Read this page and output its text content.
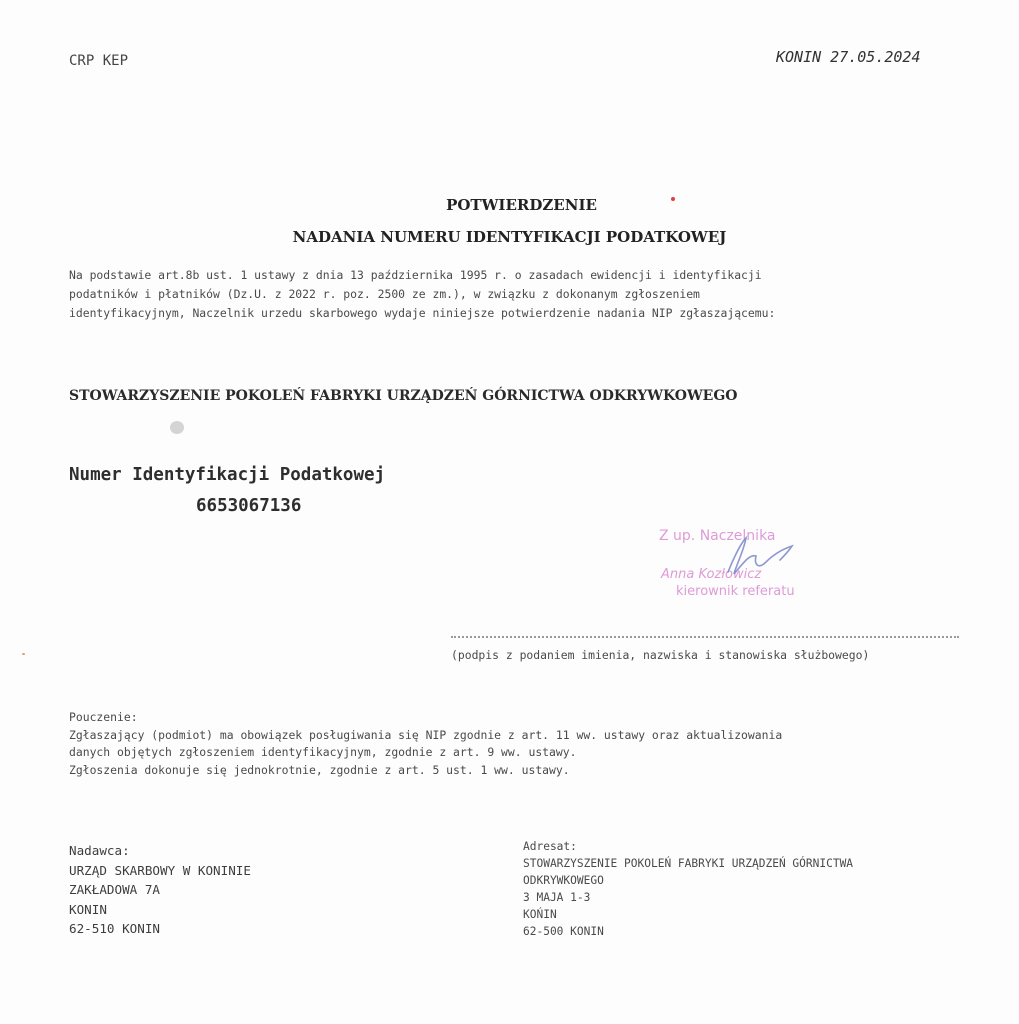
CRP KEP	KONIN 27.05.2024
POTWIERDZENIE
NADANIA NUMERU IDENTYFIKACJI PODATKOWEJ
Na podstawie art.8b ust. 1 ustawy z dnia 13 października 1995 r. o zasadach ewidencji i identyfikacji
podatników i płatników (Dz.U. z 2022 r. poz. 2500 ze zm.), w związku z dokonanym zgłoszeniem
identyfikacyjnym, Naczelnik urzedu skarbowego wydaje niniejsze potwierdzenie nadania NIP zgłaszającemu:
STOWARZYSZENIE POKOLEŃ FABRYKI URZĄDZEŃ GÓRNICTWA ODKRYWKOWEGO
Numer Identyfikacji Podatkowej
6653067136
Z up. Naczelnika
Anna Kozłowicz
kierownik referatu
(podpis z podaniem imienia, nazwiska i stanowiska służbowego)
Pouczenie:
Zgłaszający (podmiot) ma obowiązek posługiwania się NIP zgodnie z art. 11 ww. ustawy oraz aktualizowania
danych objętych zgłoszeniem identyfikacyjnym, zgodnie z art. 9 ww. ustawy.
Zgłoszenia dokonuje się jednokrotnie, zgodnie z art. 5 ust. 1 ww. ustawy.
Nadawca:
URZĄD SKARBOWY W KONINIE
ZAKŁADOWA 7A
KONIN
62-510 KONIN
Adresat:
STOWARZYSZENIE POKOLEŃ FABRYKI URZĄDZEŃ GÓRNICTWA
ODKRYWKOWEGO
3 MAJA 1-3
KOŃIN
62-500 KONIN
